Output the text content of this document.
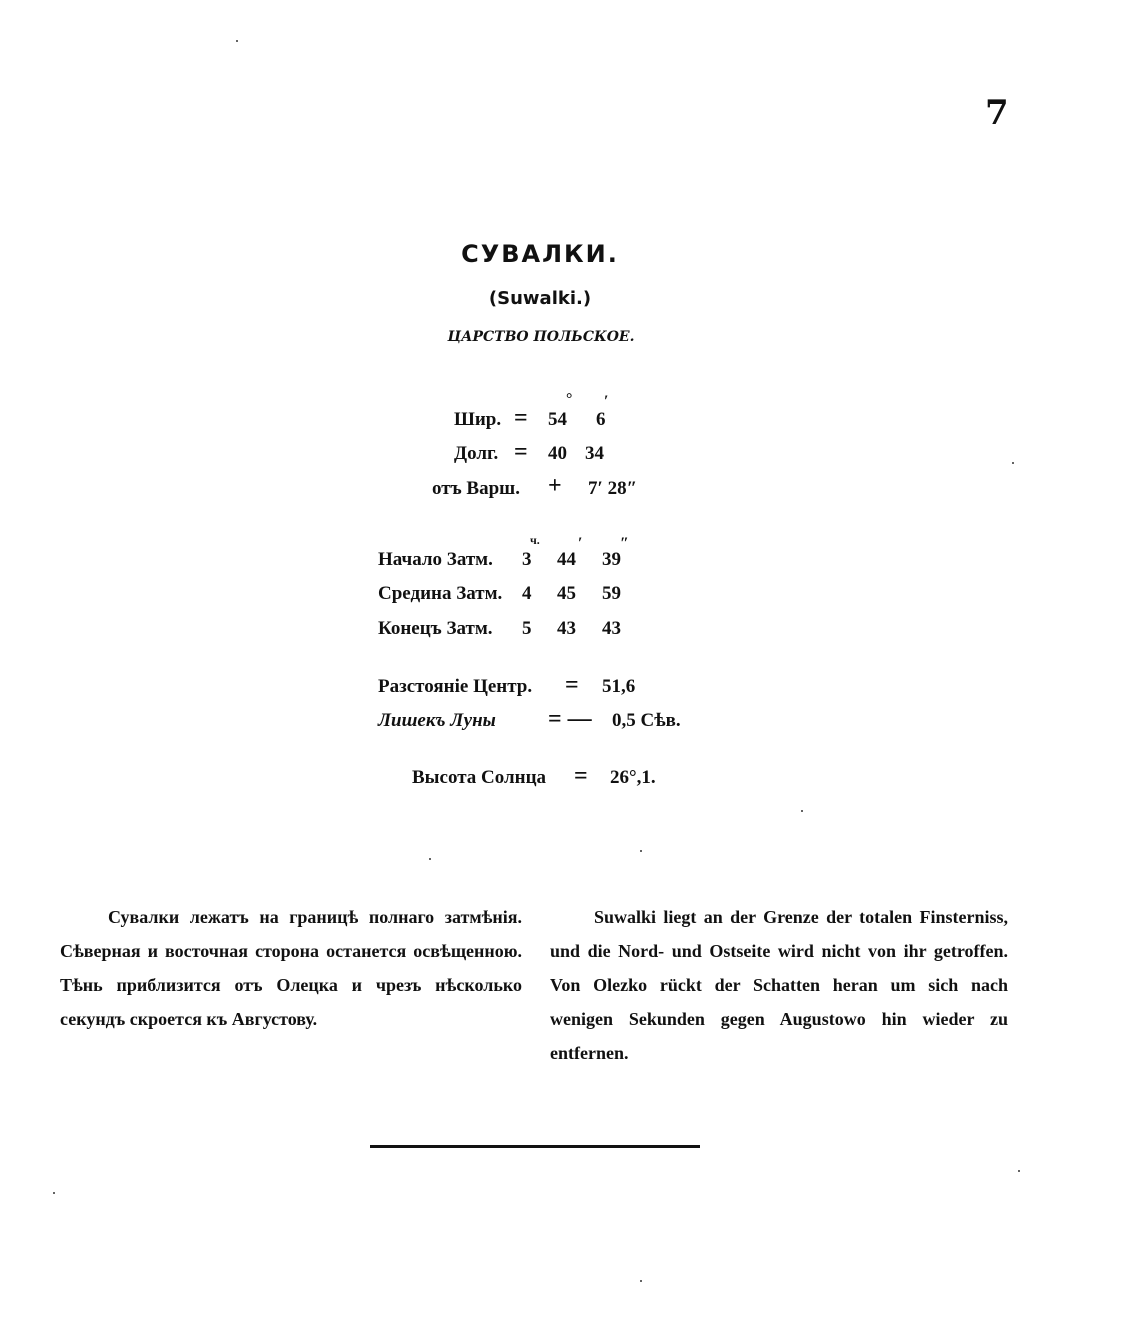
7
СУВАЛКИ.
(Suwalki.)
ЦАРСТВО ПОЛЬСКОЕ.
° ′
Шир. = 54 6
Долг. = 40 34
отъ Варш. + 7′ 28″
ч. ′ ″
Начало Затм. 3 44 39
Средина Затм. 4 45 59
Конецъ Затм. 5 43 43
Разстояніе Центр. = 51,6
Лишекъ Луны = — 0,5 Сѣв.
Высота Солнца = 26°,1.
Сувалки лежатъ на границѣ полнаго затмѣнія. Сѣверная и восточная сторона останется освѣщенною. Тѣнь приблизится отъ Олецка и чрезъ нѣсколько секундъ скроется къ Августову.
Suwalki liegt an der Grenze der totalen Finsterniss, und die Nord- und Ostseite wird nicht von ihr getroffen. Von Olezko rückt der Schatten heran um sich nach wenigen Sekunden gegen Augustowo hin wieder zu entfernen.
